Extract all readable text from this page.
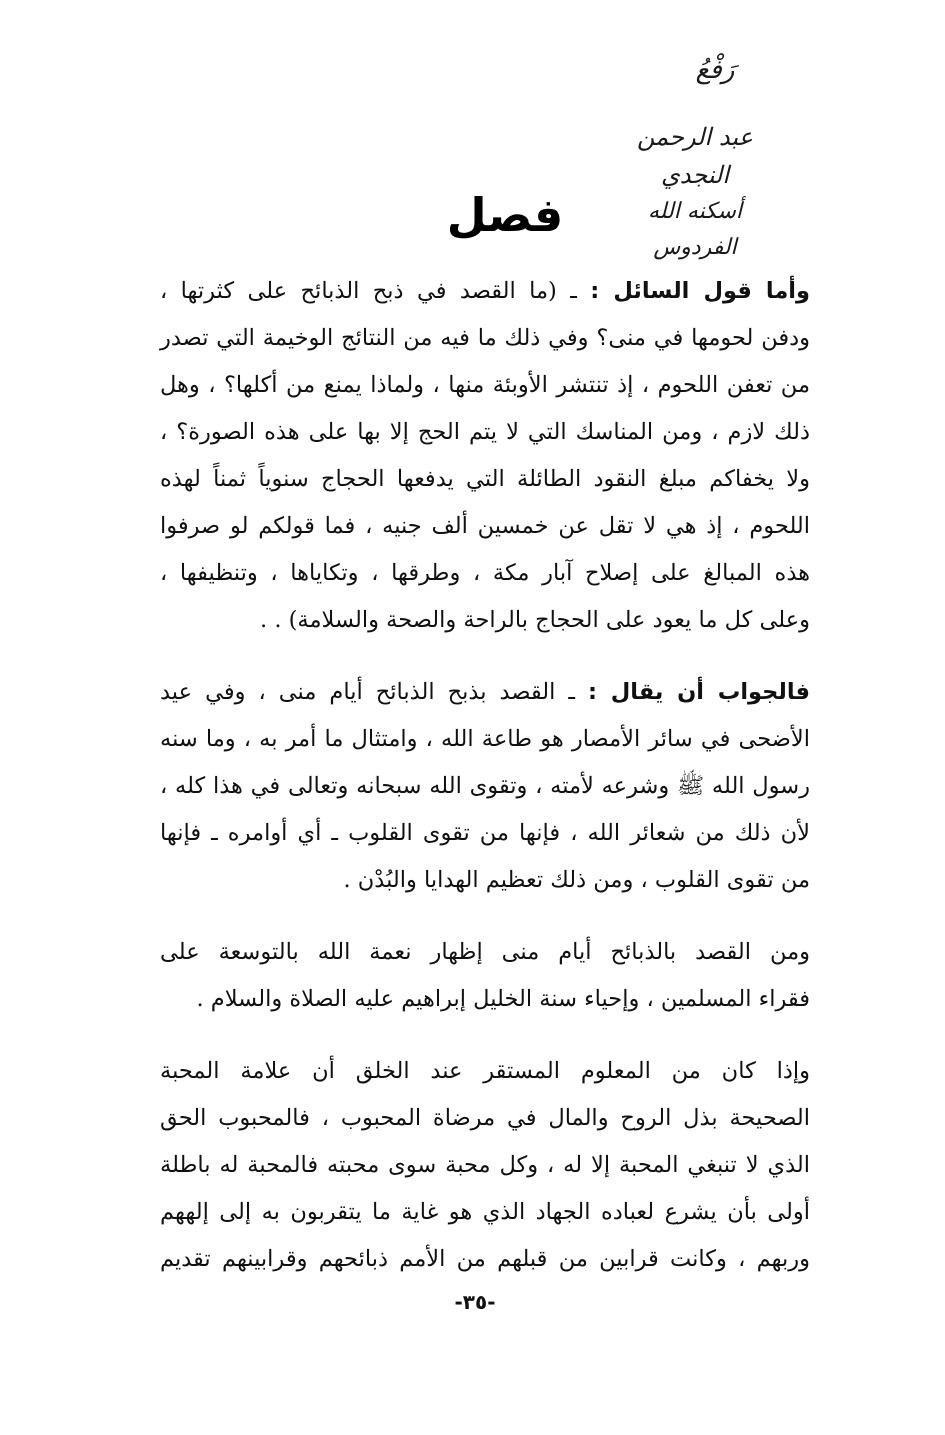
رَفْعُ
عبد الرحمن النجدي
أسكنه الله الفردوس
فصل
وأما قول السائل : ـ (ما القصد في ذبح الذبائح على كثرتها ،
ودفن لحومها في منى؟ وفي ذلك ما فيه من النتائج الوخيمة التي تصدر
من تعفن اللحوم ، إذ تنتشر الأوبئة منها ، ولماذا يمنع من أكلها؟ ، وهل
ذلك لازم ، ومن المناسك التي لا يتم الحج إلا بها على هذه الصورة؟ ،
ولا يخفاكم مبلغ النقود الطائلة التي يدفعها الحجاج سنوياً ثمناً لهذه
اللحوم ، إذ هي لا تقل عن خمسين ألف جنيه ، فما قولكم لو صرفوا
هذه المبالغ على إصلاح آبار مكة ، وطرقها ، وتكاياها ، وتنظيفها ،
وعلى كل ما يعود على الحجاج بالراحة والصحة والسلامة) . .
فالجواب أن يقال : ـ القصد بذبح الذبائح أيام منى ، وفي عيد
الأضحى في سائر الأمصار هو طاعة الله ، وامتثال ما أمر به ، وما سنه
رسول الله ﷺ وشرعه لأمته ، وتقوى الله سبحانه وتعالى في هذا كله ،
لأن ذلك من شعائر الله ، فإنها من تقوى القلوب ـ أي أوامره ـ فإنها
من تقوى القلوب ، ومن ذلك تعظيم الهدايا والبُدْن .
ومن القصد بالذبائح أيام منى إظهار نعمة الله بالتوسعة على
فقراء المسلمين ، وإحياء سنة الخليل إبراهيم عليه الصلاة والسلام .
وإذا كان من المعلوم المستقر عند الخلق أن علامة المحبة
الصحيحة بذل الروح والمال في مرضاة المحبوب ، فالمحبوب الحق
الذي لا تنبغي المحبة إلا له ، وكل محبة سوى محبته فالمحبة له باطلة
أولى بأن يشرع لعباده الجهاد الذي هو غاية ما يتقربون به إلى إلههم
وربهم ، وكانت قرابين من قبلهم من الأمم ذبائحهم وقرابينهم تقديم
-٣٥-
